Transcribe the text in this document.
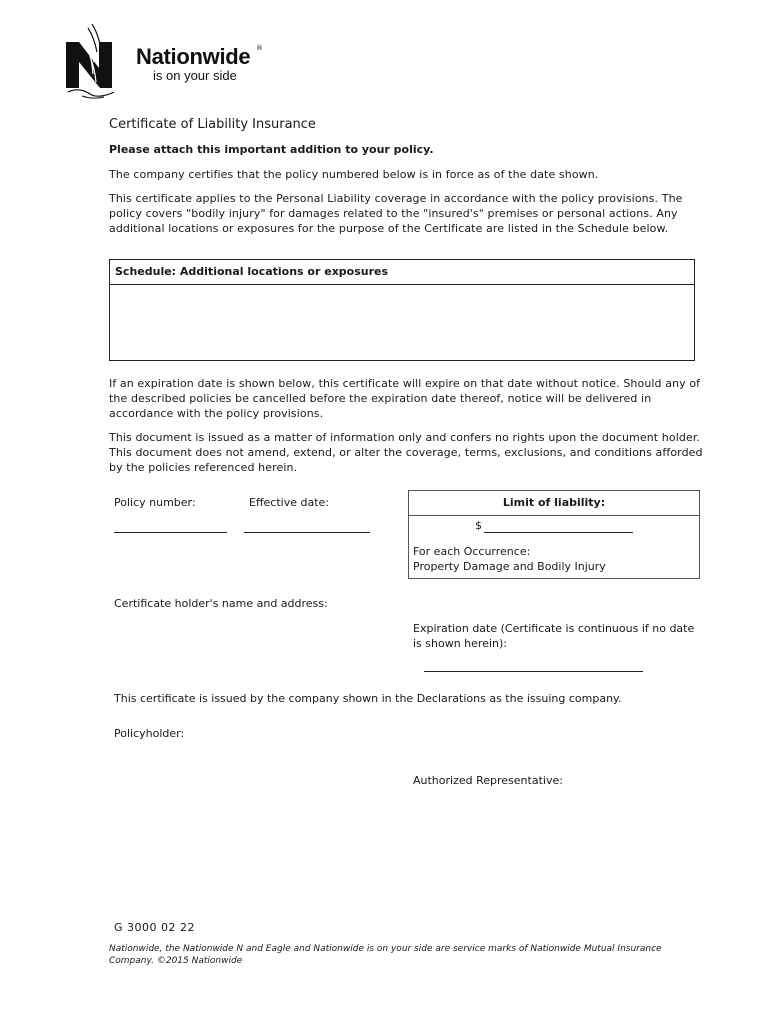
Nationwide ®
is on your side
Certificate of Liability Insurance
Please attach this important addition to your policy.
The company certifies that the policy numbered below is in force as of the date shown.
This certificate applies to the Personal Liability coverage in accordance with the policy provisions. The policy covers "bodily injury" for damages related to the "insured's" premises or personal actions. Any additional locations or exposures for the purpose of the Certificate are listed in the Schedule below.
Schedule: Additional locations or exposures
If an expiration date is shown below, this certificate will expire on that date without notice. Should any of the described policies be cancelled before the expiration date thereof, notice will be delivered in accordance with the policy provisions.
This document is issued as a matter of information only and confers no rights upon the document holder. This document does not amend, extend, or alter the coverage, terms, exclusions, and conditions afforded by the policies referenced herein.
Policy number:	Effective date:	Limit of liability:
$
For each Occurrence:
Property Damage and Bodily Injury
Certificate holder's name and address:
Expiration date (Certificate is continuous if no date is shown herein):
This certificate is issued by the company shown in the Declarations as the issuing company.
Policyholder:
Authorized Representative:
G 3000 02 22
Nationwide, the Nationwide N and Eagle and Nationwide is on your side are service marks of Nationwide Mutual Insurance Company. ©2015 Nationwide
